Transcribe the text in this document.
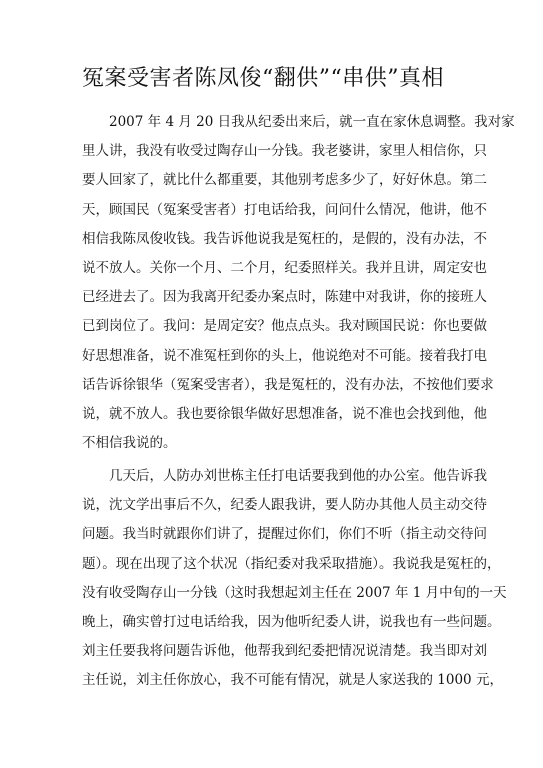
冤案受害者陈凤俊“翻供”“串供”真相
2007 年 4 月 20 日我从纪委出来后，就一直在家休息调整。我对家
里人讲，我没有收受过陶存山一分钱。我老婆讲，家里人相信你，只
要人回家了，就比什么都重要，其他别考虑多少了，好好休息。第二
天，顾国民（冤案受害者）打电话给我，问问什么情况，他讲，他不
相信我陈凤俊收钱。我告诉他说我是冤枉的，是假的，没有办法，不
说不放人。关你一个月、二个月，纪委照样关。我并且讲，周定安也
已经进去了。因为我离开纪委办案点时，陈建中对我讲，你的接班人
已到岗位了。我问：是周定安？他点点头。我对顾国民说：你也要做
好思想准备，说不准冤枉到你的头上，他说绝对不可能。接着我打电
话告诉徐银华（冤案受害者），我是冤枉的，没有办法，不按他们要求
说，就不放人。我也要徐银华做好思想准备，说不准也会找到他，他
不相信我说的。
几天后，人防办刘世栋主任打电话要我到他的办公室。他告诉我
说，沈文学出事后不久，纪委人跟我讲，要人防办其他人员主动交待
问题。我当时就跟你们讲了，提醒过你们，你们不听（指主动交待问
题）。现在出现了这个状况（指纪委对我采取措施）。我说我是冤枉的，
没有收受陶存山一分钱（这时我想起刘主任在 2007 年 1 月中旬的一天
晚上，确实曾打过电话给我，因为他听纪委人讲，说我也有一些问题。
刘主任要我将问题告诉他，他帮我到纪委把情况说清楚。我当即对刘
主任说，刘主任你放心，我不可能有情况，就是人家送我的 1000 元，
